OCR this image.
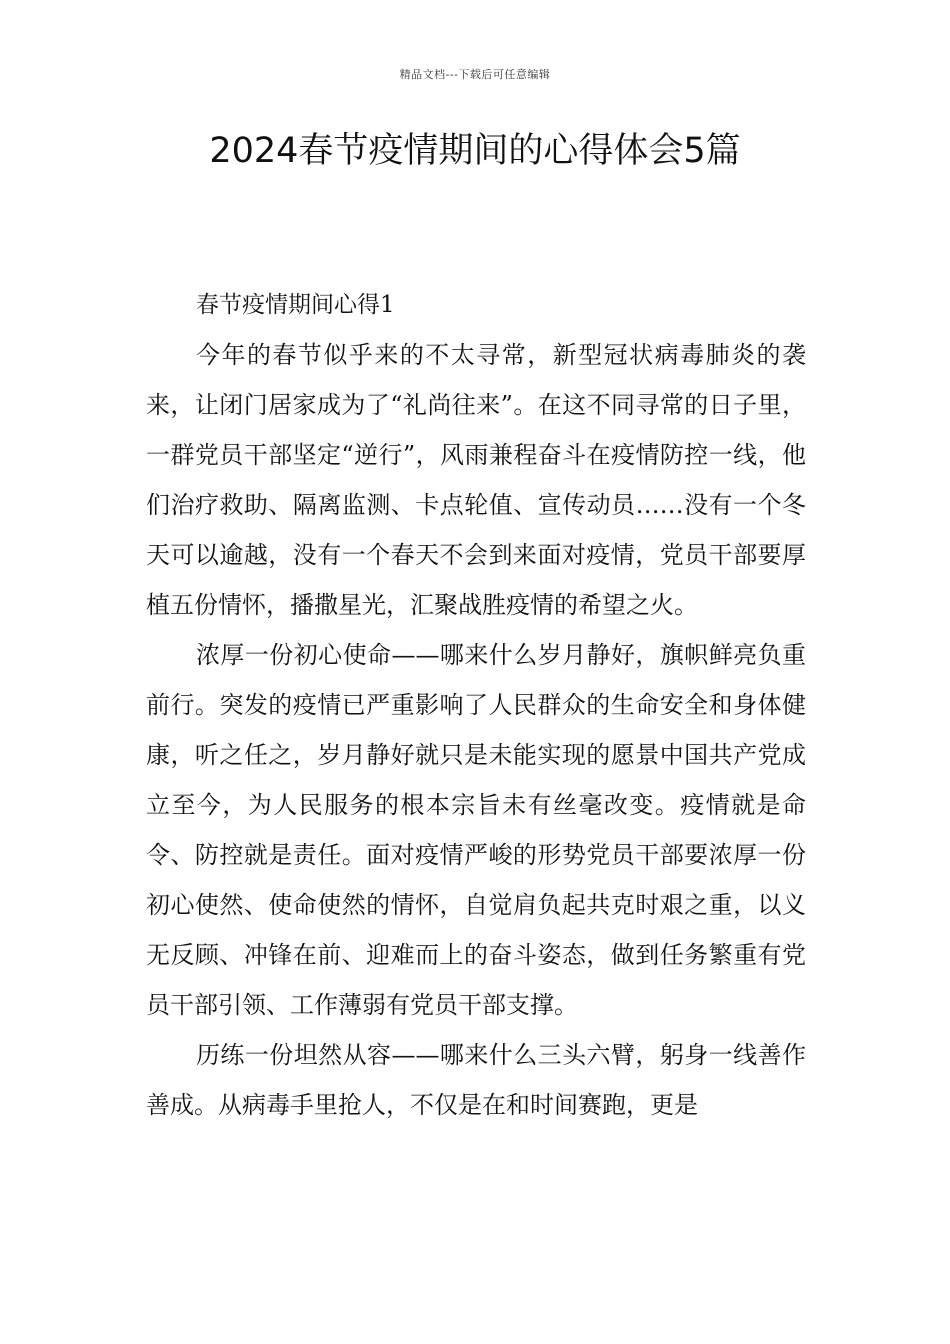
精品文档---下载后可任意编辑
2024春节疫情期间的心得体会5篇

春节疫情期间心得1

今年的春节似乎来的不太寻常，新型冠状病毒肺炎的袭来，让闭门居家成为了“礼尚往来”。在这不同寻常的日子里，一群党员干部坚定“逆行”，风雨兼程奋斗在疫情防控一线，他们治疗救助、隔离监测、卡点轮值、宣传动员……没有一个冬天可以逾越，没有一个春天不会到来面对疫情，党员干部要厚植五份情怀，播撒星光，汇聚战胜疫情的希望之火。

浓厚一份初心使命——哪来什么岁月静好，旗帜鲜亮负重前行。突发的疫情已严重影响了人民群众的生命安全和身体健康，听之任之，岁月静好就只是未能实现的愿景中国共产党成立至今，为人民服务的根本宗旨未有丝毫改变。疫情就是命令、防控就是责任。面对疫情严峻的形势党员干部要浓厚一份初心使然、使命使然的情怀，自觉肩负起共克时艰之重，以义无反顾、冲锋在前、迎难而上的奋斗姿态，做到任务繁重有党员干部引领、工作薄弱有党员干部支撑。

历练一份坦然从容——哪来什么三头六臂，躬身一线善作善成。从病毒手里抢人，不仅是在和时间赛跑，更是
